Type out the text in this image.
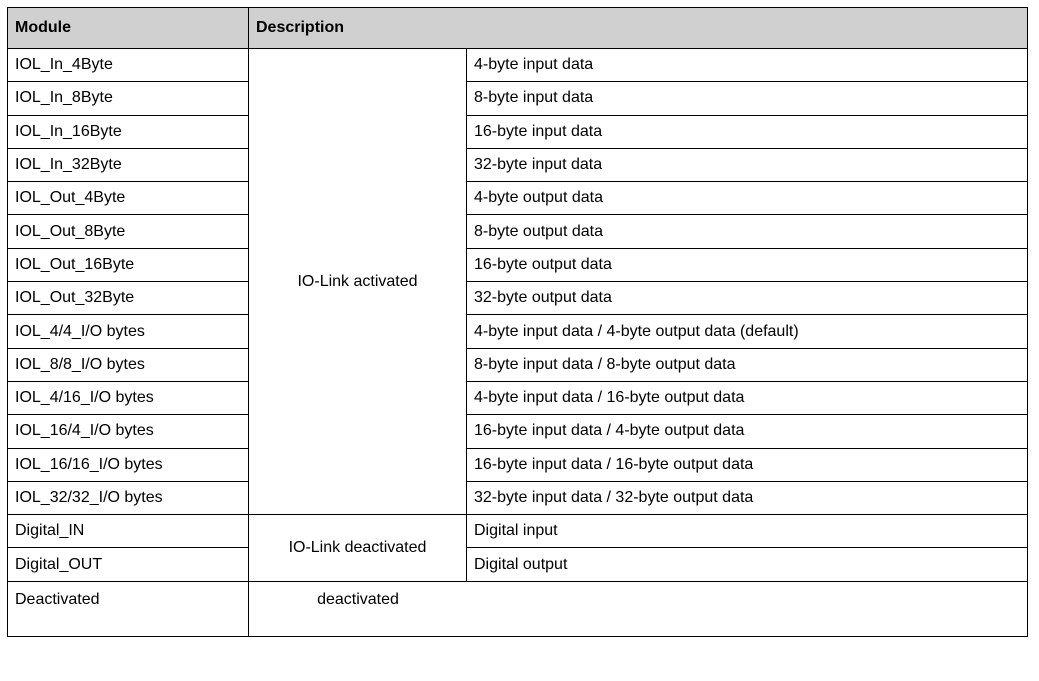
Module	Description	
IOL_In_4Byte	IO-Link activated	4-byte input data
IOL_In_8Byte		8-byte input data
IOL_In_16Byte		16-byte input data
IOL_In_32Byte		32-byte input data
IOL_Out_4Byte		4-byte output data
IOL_Out_8Byte		8-byte output data
IOL_Out_16Byte		16-byte output data
IOL_Out_32Byte		32-byte output data
IOL_4/4_I/O bytes		4-byte input data / 4-byte output data (default)
IOL_8/8_I/O bytes		8-byte input data / 8-byte output data
IOL_4/16_I/O bytes		4-byte input data / 16-byte output data
IOL_16/4_I/O bytes		16-byte input data / 4-byte output data
IOL_16/16_I/O bytes		16-byte input data / 16-byte output data
IOL_32/32_I/O bytes		32-byte input data / 32-byte output data
Digital_IN	IO-Link deactivated	Digital input
Digital_OUT		Digital output
Deactivated	deactivated	
